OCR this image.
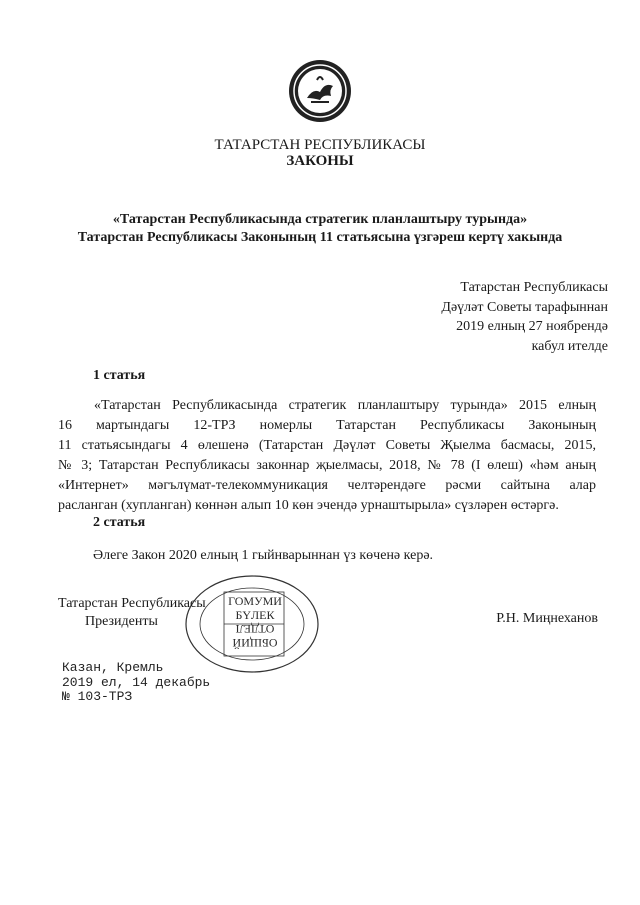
ТАТАРСТАН РЕСПУБЛИКАСЫ
ЗАКОНЫ
«Татарстан Республикасында стратегик планлаштыру турында»
Татарстан Республикасы Законының 11 статьясына үзгәреш кертү хакында
Татарстан Республикасы
Дәүләт Советы тарафыннан
2019 елның 27 ноябрендә
кабул ителде
1 статья
«Татарстан Республикасында стратегик планлаштыру турында» 2015 елның
16 мартындагы 12-ТРЗ номерлы Татарстан Республикасы Законының
11 статьясындагы 4 өлешенә (Татарстан Дәүләт Советы Җыелма басмасы, 2015,
№ 3; Татарстан Республикасы законнар җыелмасы, 2018, № 78 (I өлеш) «һәм аның
«Интернет» мәгълүмат-телекоммуникация челтәрендәге рәсми сайтына алар
расланган (хупланган) көннән алып 10 көн эчендә урнаштырыла» сүзләрен өстәргә.
2 статья
Әлеге Закон 2020 елның 1 гыйнварыннан үз көченә керә.
ГОМУМИ
БҮЛЕК
ОТДЕЛ
ОБЩИЙ
Татарстан Республикасы
Президенты	Р.Н. Миңнеханов
Казан, Кремль
2019 ел, 14 декабрь
№ 103-ТРЗ
